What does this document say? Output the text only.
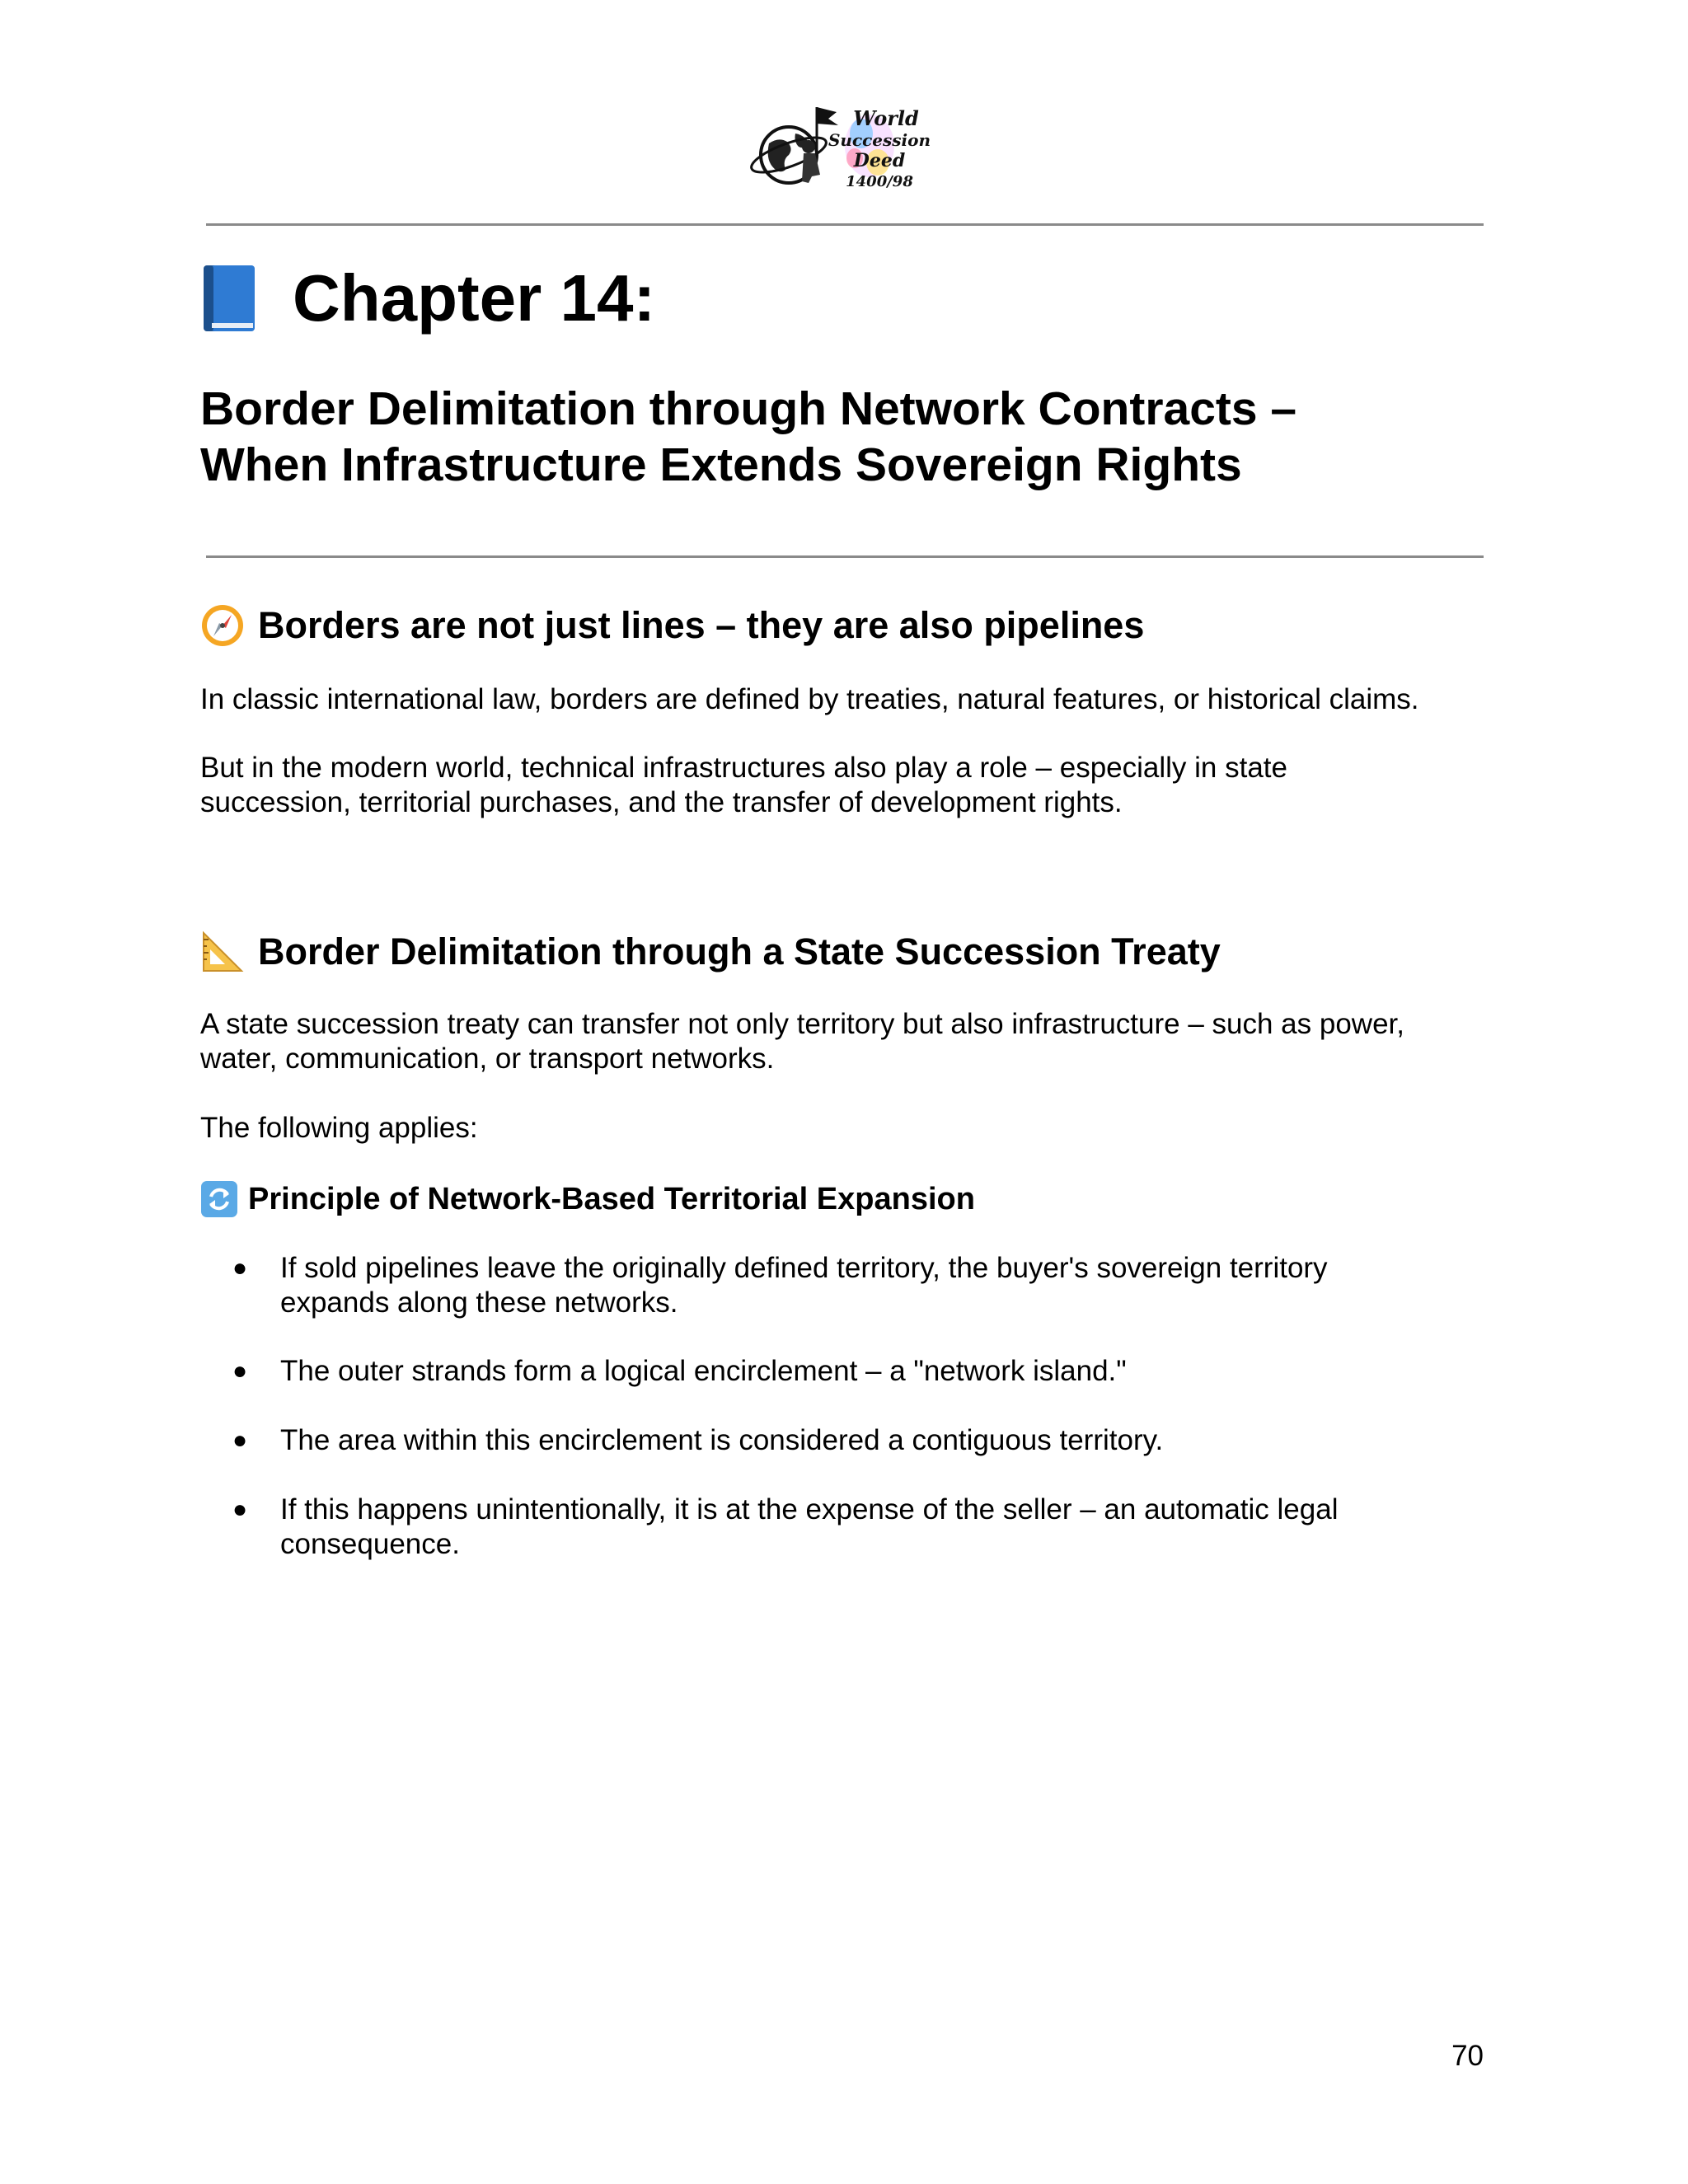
World
Succession
Deed
1400/98
Chapter 14:
Border Delimitation through Network Contracts –
When Infrastructure Extends Sovereign Rights
Borders are not just lines – they are also pipelines

In classic international law, borders are defined by treaties, natural features, or historical claims.

But in the modern world, technical infrastructures also play a role – especially in state
succession, territorial purchases, and the transfer of development rights.

Border Delimitation through a State Succession Treaty

A state succession treaty can transfer not only territory but also infrastructure – such as power,
water, communication, or transport networks.

The following applies:

Principle of Network-Based Territorial Expansion
● If sold pipelines leave the originally defined territory, the buyer's sovereign territory
expands along these networks.
● The outer strands form a logical encirclement – a "network island."
● The area within this encirclement is considered a contiguous territory.
● If this happens unintentionally, it is at the expense of the seller – an automatic legal
consequence.

70
